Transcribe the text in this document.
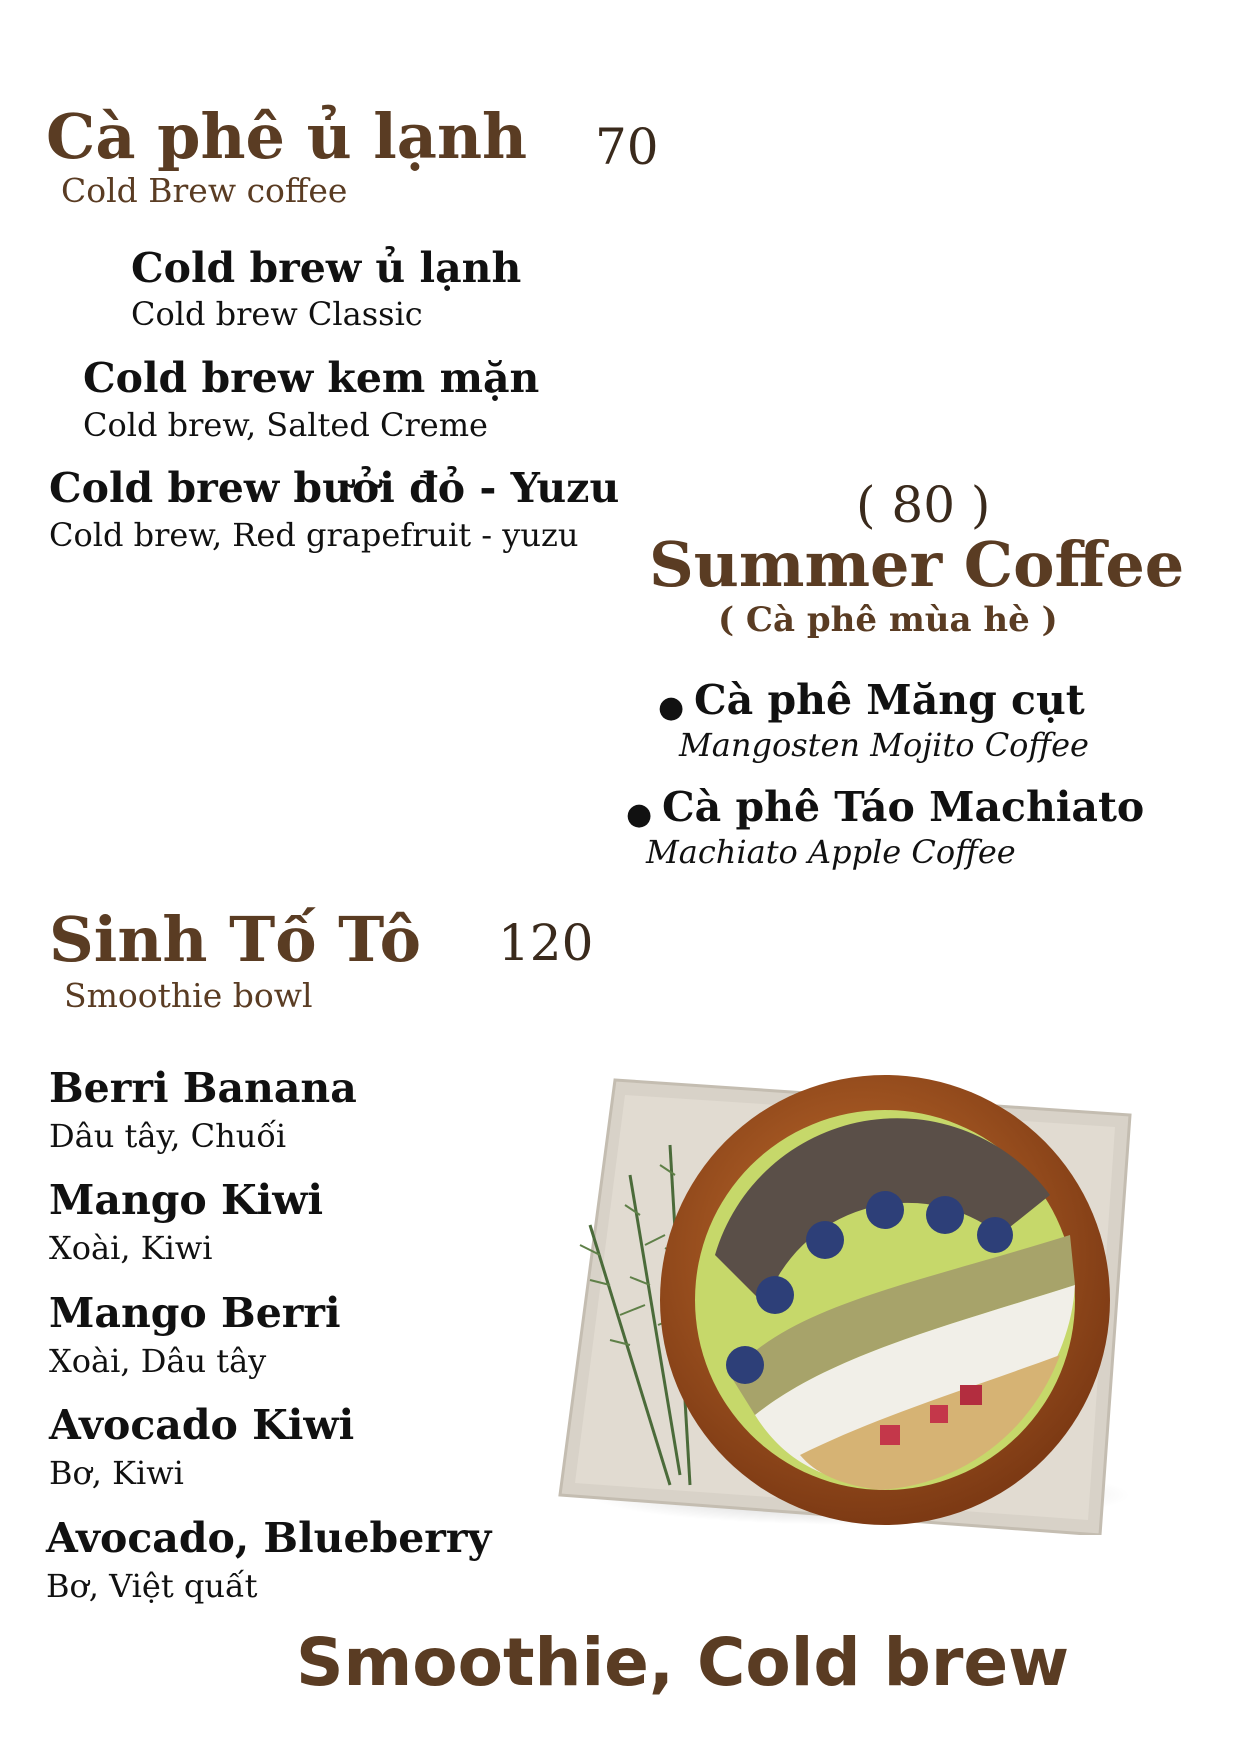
Cà phê ủ lạnh 70
Cold Brew coffee
Cold brew ủ lạnh
Cold brew Classic
Cold brew kem mặn
Cold brew, Salted Creme
Cold brew bưởi đỏ - Yuzu
Cold brew, Red grapefruit - yuzu
( 80 )
Summer Coffee
( Cà phê mùa hè )
● Cà phê Măng cụt
Mangosten Mojito Coffee
● Cà phê Táo Machiato
Machiato Apple Coffee
Sinh Tố Tô 120
Smoothie bowl
Berri Banana
Dâu tây, Chuối
Mango Kiwi
Xoài, Kiwi
Mango Berri
Xoài, Dâu tây
Avocado Kiwi
Bơ, Kiwi
Avocado, Blueberry
Bơ, Việt quất
Smoothie, Cold brew
